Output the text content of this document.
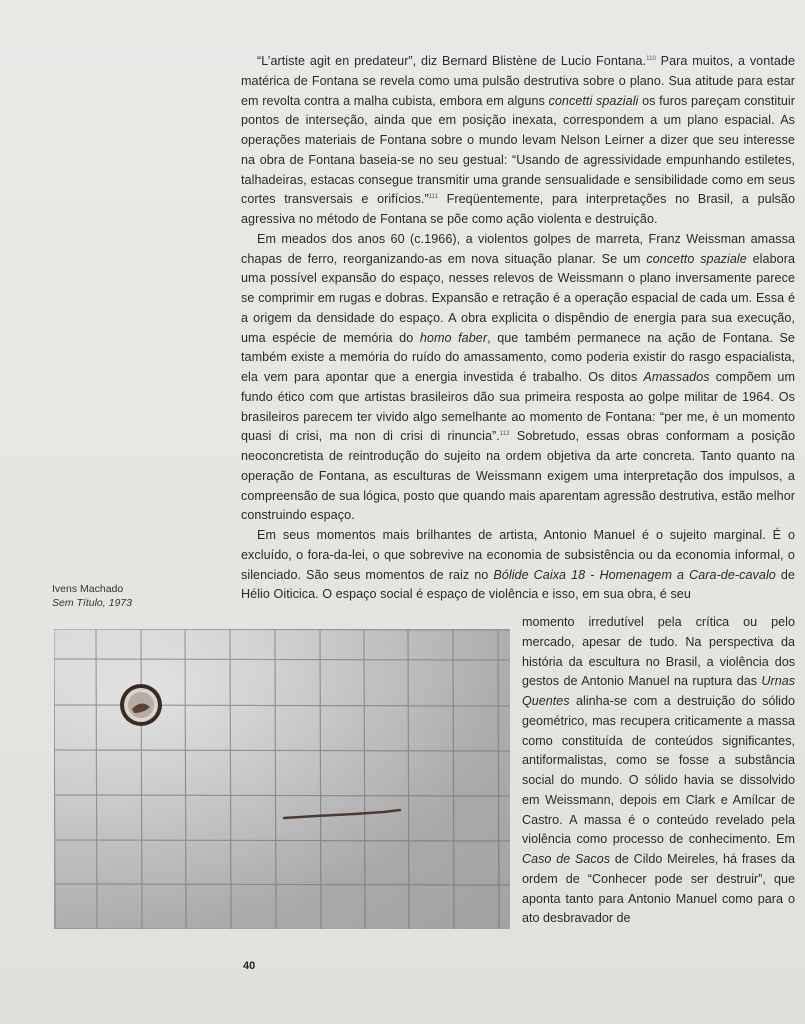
“L’artiste agit en predateur”, diz Bernard Blistène de Lucio Fontana.$^{110}$ Para muitos, a vontade matérica de Fontana se revela como uma pulsão destrutiva sobre o plano. Sua atitude para estar em revolta contra a malha cubista, embora em alguns concetti spaziali os furos pareçam constituir pontos de interseção, ainda que em posição inexata, correspondem a um plano espacial. As operações materiais de Fontana sobre o mundo levam Nelson Leirner a dizer que seu interesse na obra de Fontana baseia-se no seu gestual: “Usando de agressividade empunhando estiletes, talhadeiras, estacas consegue transmitir uma grande sensualidade e sensibilidade como em seus cortes transversais e orifícios.”$^{111}$ Freqüentemente, para interpretações no Brasil, a pulsão agressiva no método de Fontana se põe como ação violenta e destruição.

Em meados dos anos 60 (c.1966), a violentos golpes de marreta, Franz Weissman amassa chapas de ferro, reorganizando-as em nova situação planar. Se um concetto spaziale elabora uma possível expansão do espaço, nesses relevos de Weissmann o plano inversamente parece se comprimir em rugas e dobras. Expansão e retração é a operação espacial de cada um. Essa é a origem da densidade do espaço. A obra explicita o dispêndio de energia para sua execução, uma espécie de memória do homo faber, que também permanece na ação de Fontana. Se também existe a memória do ruído do amassamento, como poderia existir do rasgo espacialista, ela vem para apontar que a energia investida é trabalho. Os ditos Amassados compõem um fundo ético com que artistas brasileiros dão sua primeira resposta ao golpe militar de 1964. Os brasileiros parecem ter vivido algo semelhante ao momento de Fontana: “per me, è un momento quasi di crisi, ma non di crisi di rinuncia”.$^{112}$ Sobretudo, essas obras conformam a posição neoconcretista de reintrodução do sujeito na ordem objetiva da arte concreta. Tanto quanto na operação de Fontana, as esculturas de Weissmann exigem uma interpretação dos impulsos, a compreensão de sua lógica, posto que quando mais aparentam agressão destrutiva, estão melhor construindo espaço.

Em seus momentos mais brilhantes de artista, Antonio Manuel é o sujeito marginal. É o excluído, o fora-da-lei, o que sobrevive na economia de subsistência ou da economia informal, o silenciado. São seus momentos de raiz no Bólide Caixa 18 - Homenagem a Cara-de-cavalo de Hélio Oiticica. O espaço social é espaço de violência e isso, em sua obra, é seu

momento irredutível pela crítica ou pelo mercado, apesar de tudo. Na perspectiva da história da escultura no Brasil, a violência dos gestos de Antonio Manuel na ruptura das Urnas Quentes alinha-se com a destruição do sólido geométrico, mas recupera criticamente a massa como constituída de conteúdos significantes, antiformalistas, como se fosse a substância social do mundo. O sólido havia se dissolvido em Weissmann, depois em Clark e Amílcar de Castro. A massa é o conteúdo revelado pela violência como processo de conhecimento. Em Caso de Sacos de Cildo Meireles, há frases da ordem de “Conhecer pode ser destruir”, que aponta tanto para Antonio Manuel como para o ato desbravador de

Ivens Machado
Sem Título, 1973
40
